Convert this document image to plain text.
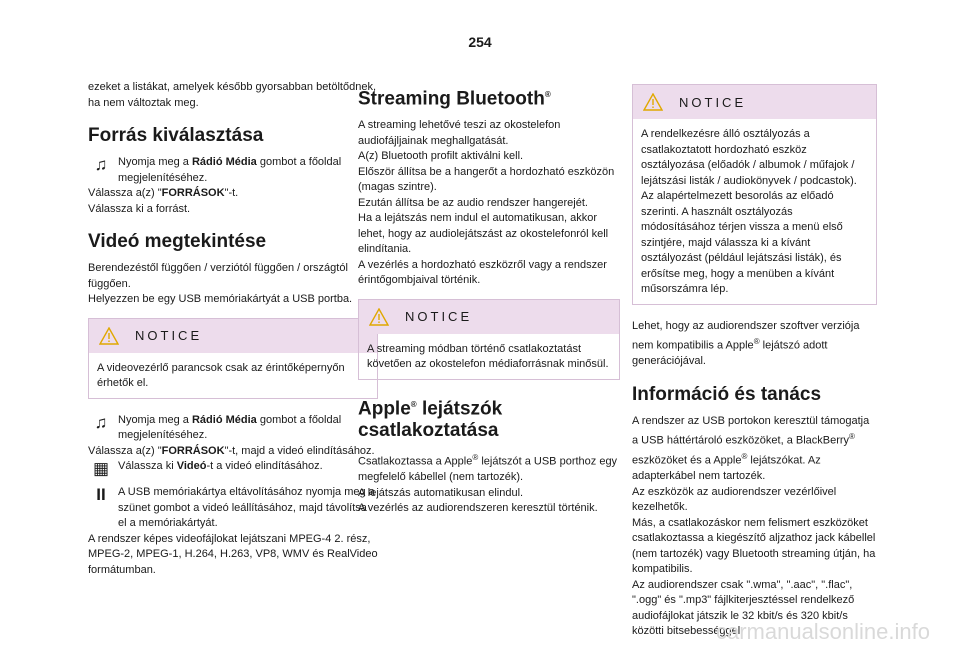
254

ezeket a listákat, amelyek később gyorsabban betöltődnek, ha nem változtak meg.

Forrás kiválasztása
♫ Nyomja meg a Rádió Média gombot a főoldal megjelenítéséhez.

Válassza a(z) "FORRÁSOK"-t.

Válassza ki a forrást.

Videó megtekintése

Berendezéstől függően / verziótól függően / országtól függően.

Helyezzen be egy USB memóriakártyát a USB portba.

NOTICE
A videovezérlő parancsok csak az érintőképernyőn érhetők el.
♫ Nyomja meg a Rádió Média gombot a főoldal megjelenítéséhez.

Válassza a(z) "FORRÁSOK"-t, majd a videó elindításához.

▦ Válassza ki Videó-t a videó elindításához.

II A USB memóriakártya eltávolításához nyomja meg a szünet gombot a videó leállításához, majd távolítsa el a memóriakártyát.

A rendszer képes videofájlokat lejátszani MPEG-4 2. rész, MPEG-2, MPEG-1, H.264, H.263, VP8, WMV és RealVideo formátumban.

Streaming Bluetooth®

A streaming lehetővé teszi az okostelefon audiofájljainak meghallgatását.

A(z) Bluetooth profilt aktiválni kell.

Először állítsa be a hangerőt a hordozható eszközön (magas szintre).

Ezután állítsa be az audio rendszer hangerejét.

Ha a lejátszás nem indul el automatikusan, akkor lehet, hogy az audiolejátszást az okostelefonról kell elindítania.

A vezérlés a hordozható eszközről vagy a rendszer érintőgombjaival történik.

NOTICE
A streaming módban történő csatlakoztatást követően az okostelefon médiaforrásnak minősül.
Apple® lejátszók csatlakoztatása

Csatlakoztassa a Apple® lejátszót a USB porthoz egy megfelelő kábellel (nem tartozék).

A lejátszás automatikusan elindul.

A vezérlés az audiorendszeren keresztül történik.

NOTICE
A rendelkezésre álló osztályozás a csatlakoztatott hordozható eszköz osztályozása (előadók / albumok / műfajok / lejátszási listák / audiokönyvek / podcastok). Az alapértelmezett besorolás az előadó szerinti. A használt osztályozás módosításához térjen vissza a menü első szintjére, majd válassza ki a kívánt osztályozást (például lejátszási listák), és erősítse meg, hogy a menüben a kívánt műsorszámra lép.

Lehet, hogy az audiorendszer szoftver verziója nem kompatibilis a Apple® lejátszó adott generációjával.

Információ és tanács

A rendszer az USB portokon keresztül támogatja a USB háttértároló eszközöket, a BlackBerry® eszközöket és a Apple® lejátszókat. Az adapterkábel nem tartozék.

Az eszközök az audiorendszer vezérlőivel kezelhetők.

Más, a csatlakozáskor nem felismert eszközöket csatlakoztassa a kiegészítő aljzathoz jack kábellel (nem tartozék) vagy Bluetooth streaming útján, ha kompatibilis.

Az audiorendszer csak ".wma", ".aac", ".flac", ".ogg" és ".mp3" fájlkiterjesztéssel rendelkező audiofájlokat játszik le 32 kbit/s és 320 kbit/s közötti bitsebességgel.

carmanualsonline.info
